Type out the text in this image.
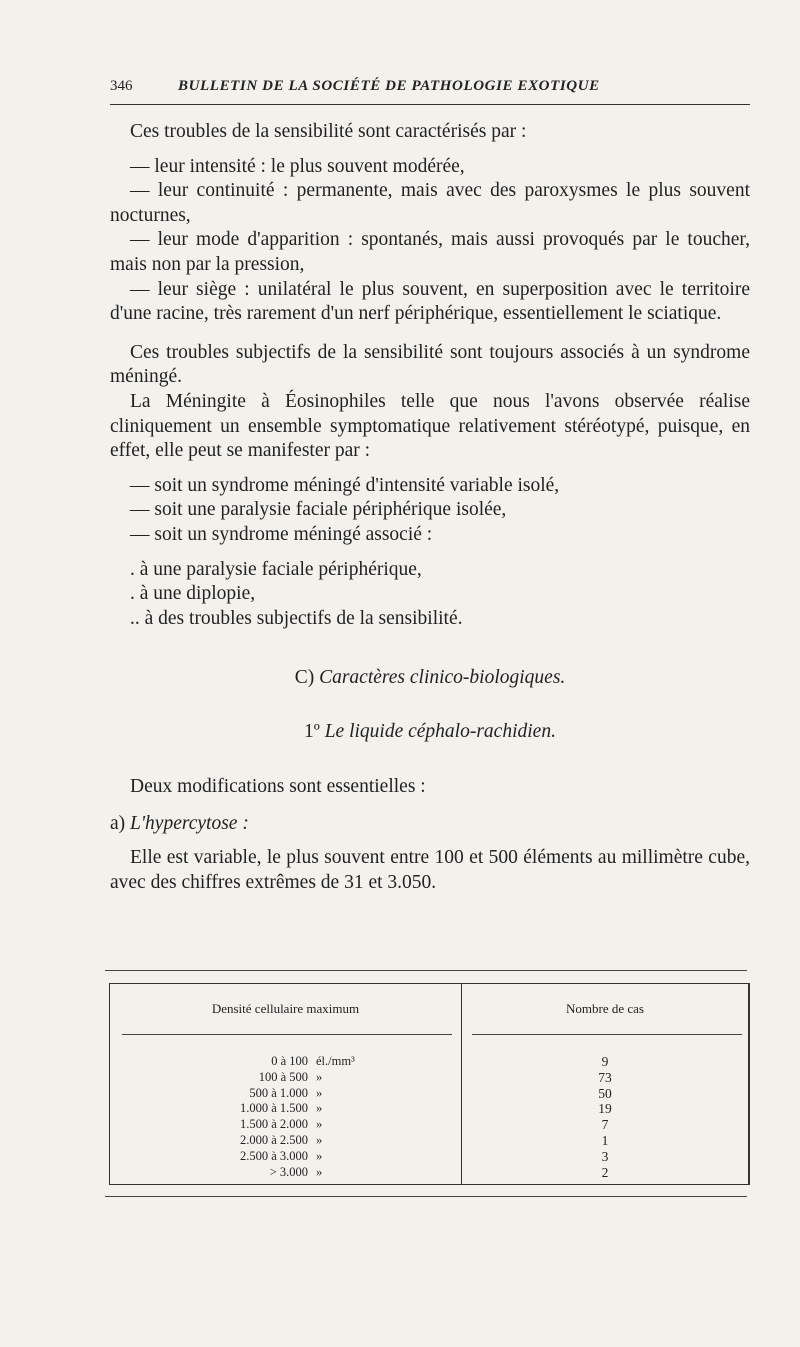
346	BULLETIN DE LA SOCIÉTÉ DE PATHOLOGIE EXOTIQUE

Ces troubles de la sensibilité sont caractérisés par :

— leur intensité : le plus souvent modérée,

— leur continuité : permanente, mais avec des paroxysmes le plus souvent nocturnes,

— leur mode d'apparition : spontanés, mais aussi provoqués par le toucher, mais non par la pression,

— leur siège : unilatéral le plus souvent, en superposition avec le territoire d'une racine, très rarement d'un nerf périphérique, essentiellement le sciatique.

Ces troubles subjectifs de la sensibilité sont toujours associés à un syndrome méningé.

La Méningite à Éosinophiles telle que nous l'avons observée réalise cliniquement un ensemble symptomatique relativement stéréotypé, puisque, en effet, elle peut se manifester par :

— soit un syndrome méningé d'intensité variable isolé,

— soit une paralysie faciale périphérique isolée,

— soit un syndrome méningé associé :

. à une paralysie faciale périphérique,

. à une diplopie,

.. à des troubles subjectifs de la sensibilité.

C) Caractères clinico-biologiques.

1º Le liquide céphalo-rachidien.

Deux modifications sont essentielles :

a) L'hypercytose :

Elle est variable, le plus souvent entre 100 et 500 éléments au millimètre cube, avec des chiffres extrêmes de 31 et 3.050.

Densité cellulaire maximum	Nombre de cas
0 à 100 él./mm³
100 à 500 »
500 à 1.000 »
1.000 à 1.500 »
1.500 à 2.000 »
2.000 à 2.500 »
2.500 à 3.000 »
> 3.000 »
9
73
50
19
7
1
3
2
